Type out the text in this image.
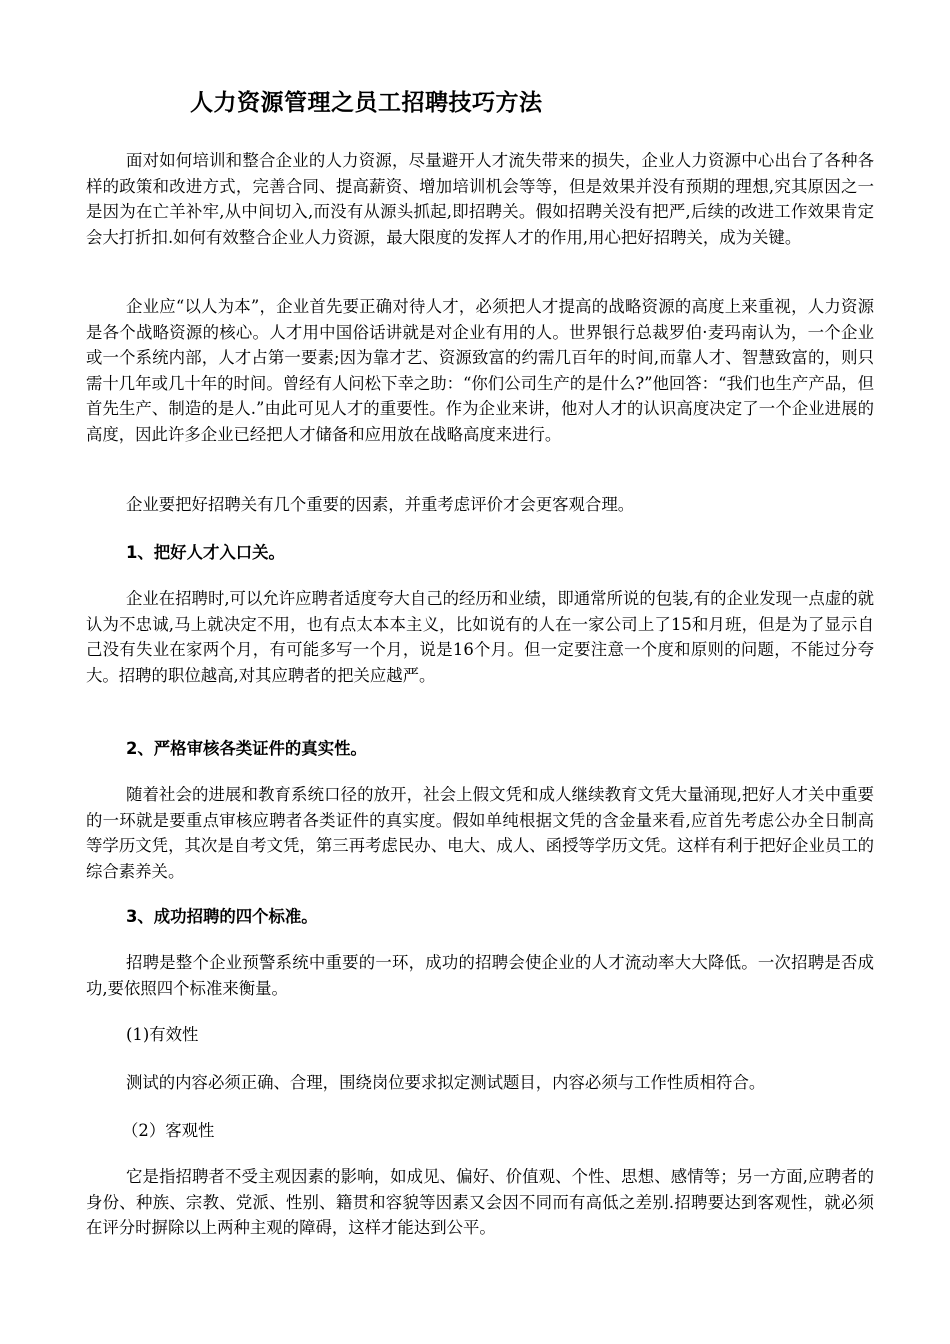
人力资源管理之员工招聘技巧方法

面对如何培训和整合企业的人力资源，尽量避开人才流失带来的损失，企业人力资源中心出台了各种各样的政策和改进方式，完善合同、提高薪资、增加培训机会等等，但是效果并没有预期的理想,究其原因之一是因为在亡羊补牢,从中间切入,而没有从源头抓起,即招聘关。假如招聘关没有把严,后续的改进工作效果肯定会大打折扣.如何有效整合企业人力资源，最大限度的发挥人才的作用,用心把好招聘关，成为关键。

企业应“以人为本”，企业首先要正确对待人才，必须把人才提高的战略资源的高度上来重视，人力资源是各个战略资源的核心。人才用中国俗话讲就是对企业有用的人。世界银行总裁罗伯·麦玛南认为，一个企业或一个系统内部，人才占第一要素;因为靠才艺、资源致富的约需几百年的时间,而靠人才、智慧致富的，则只需十几年或几十年的时间。曾经有人问松下幸之助：“你们公司生产的是什么?”他回答：“我们也生产产品，但首先生产、制造的是人.”由此可见人才的重要性。作为企业来讲，他对人才的认识高度决定了一个企业进展的高度，因此许多企业已经把人才储备和应用放在战略高度来进行。

企业要把好招聘关有几个重要的因素，并重考虑评价才会更客观合理。

1、把好人才入口关。

企业在招聘时,可以允许应聘者适度夸大自己的经历和业绩，即通常所说的包装,有的企业发现一点虚的就认为不忠诚,马上就决定不用，也有点太本本主义，比如说有的人在一家公司上了15和月班，但是为了显示自己没有失业在家两个月，有可能多写一个月，说是16个月。但一定要注意一个度和原则的问题，不能过分夸大。招聘的职位越高,对其应聘者的把关应越严。

2、严格审核各类证件的真实性。

随着社会的进展和教育系统口径的放开，社会上假文凭和成人继续教育文凭大量涌现,把好人才关中重要的一环就是要重点审核应聘者各类证件的真实度。假如单纯根据文凭的含金量来看,应首先考虑公办全日制高等学历文凭，其次是自考文凭，第三再考虑民办、电大、成人、函授等学历文凭。这样有利于把好企业员工的综合素养关。

3、成功招聘的四个标准。

招聘是整个企业预警系统中重要的一环，成功的招聘会使企业的人才流动率大大降低。一次招聘是否成功,要依照四个标准来衡量。

(1)有效性

测试的内容必须正确、合理，围绕岗位要求拟定测试题目，内容必须与工作性质相符合。

（2）客观性

它是指招聘者不受主观因素的影响，如成见、偏好、价值观、个性、思想、感情等；另一方面,应聘者的身份、种族、宗教、党派、性别、籍贯和容貌等因素又会因不同而有高低之差别.招聘要达到客观性，就必须在评分时摒除以上两种主观的障碍，这样才能达到公平。
